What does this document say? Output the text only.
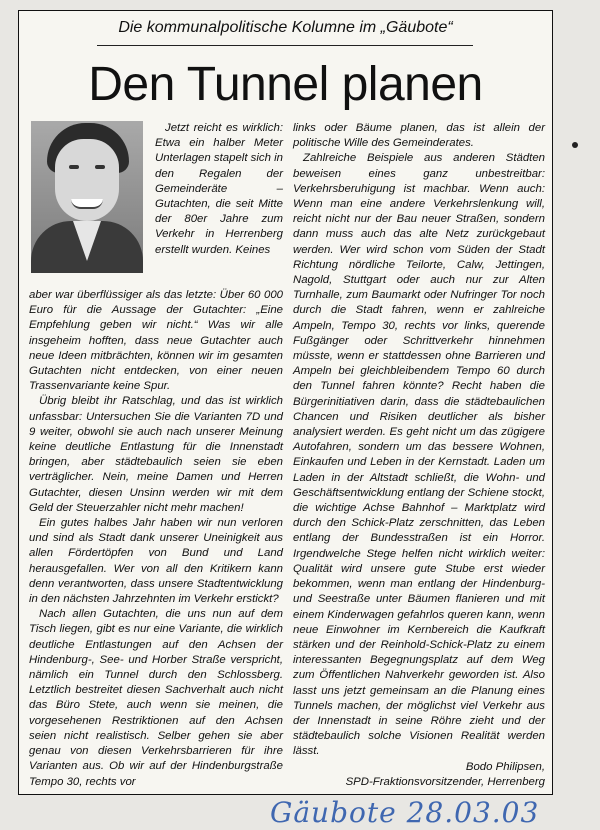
Die kommunalpolitische Kolumne im „Gäubote“
Den Tunnel planen

Jetzt reicht es wirklich: Etwa ein halber Meter Unterlagen stapelt sich in den Regalen der Gemeinderäte – Gutachten, die seit Mitte der 80er Jahre zum Verkehr in Herrenberg erstellt wurden. Keines

aber war überflüssiger als das letzte: Über 60 000 Euro für die Aussage der Gutachter: „Eine Empfehlung geben wir nicht.“ Was wir alle insgeheim hofften, dass neue Gutachter auch neue Ideen mitbrächten, können wir im gesamten Gutachten nicht entdecken, von einer neuen Trassenvariante keine Spur.

Übrig bleibt ihr Ratschlag, und das ist wirklich unfassbar: Untersuchen Sie die Varianten 7D und 9 weiter, obwohl sie auch nach unserer Meinung keine deutliche Entlastung für die Innenstadt bringen, aber städtebaulich seien sie eben verträglicher. Nein, meine Damen und Herren Gutachter, diesen Unsinn werden wir mit dem Geld der Steuerzahler nicht mehr machen!

Ein gutes halbes Jahr haben wir nun verloren und sind als Stadt dank unserer Uneinigkeit aus allen Fördertöpfen von Bund und Land herausgefallen. Wer von all den Kritikern kann denn verantworten, dass unsere Stadtentwicklung in den nächsten Jahrzehnten im Verkehr erstickt?

Nach allen Gutachten, die uns nun auf dem Tisch liegen, gibt es nur eine Variante, die wirklich deutliche Entlastungen auf den Achsen der Hindenburg-, See- und Horber Straße verspricht, nämlich ein Tunnel durch den Schlossberg. Letztlich bestreitet diesen Sachverhalt auch nicht das Büro Stete, auch wenn sie meinen, die vorgesehenen Restriktionen auf den Achsen seien nicht realistisch. Selber gehen sie aber genau von diesen Verkehrsbarrieren für ihre Varianten aus. Ob wir auf der Hindenburgstraße Tempo 30, rechts vor

links oder Bäume planen, das ist allein der politische Wille des Gemeinderates.

Zahlreiche Beispiele aus anderen Städten beweisen eines ganz unbestreitbar: Verkehrsberuhigung ist machbar. Wenn auch: Wenn man eine andere Verkehrslenkung will, reicht nicht nur der Bau neuer Straßen, sondern dann muss auch das alte Netz zurückgebaut werden. Wer wird schon vom Süden der Stadt Richtung nördliche Teilorte, Calw, Jettingen, Nagold, Stuttgart oder auch nur zur Alten Turnhalle, zum Baumarkt oder Nufringer Tor noch durch die Stadt fahren, wenn er zahlreiche Ampeln, Tempo 30, rechts vor links, querende Fußgänger oder Schrittverkehr hinnehmen müsste, wenn er stattdessen ohne Barrieren und Ampeln bei gleichbleibendem Tempo 60 durch den Tunnel fahren könnte? Recht haben die Bürgerinitiativen darin, dass die städtebaulichen Chancen und Risiken deutlicher als bisher analysiert werden. Es geht nicht um das zügigere Autofahren, sondern um das bessere Wohnen, Einkaufen und Leben in der Kernstadt. Laden um Laden in der Altstadt schließt, die Wohn- und Geschäftsentwicklung entlang der Schiene stockt, die wichtige Achse Bahnhof – Marktplatz wird durch den Schick-Platz zerschnitten, das Leben entlang der Bundesstraßen ist ein Horror. Irgendwelche Stege helfen nicht wirklich weiter: Qualität wird unsere gute Stube erst wieder bekommen, wenn man entlang der Hindenburg- und Seestraße unter Bäumen flanieren und mit einem Kinderwagen gefahrlos queren kann, wenn neue Einwohner im Kernbereich die Kaufkraft stärken und der Reinhold-Schick-Platz zu einem interessanten Begegnungsplatz auf dem Weg zum Öffentlichen Nahverkehr geworden ist. Also lasst uns jetzt gemeinsam an die Planung eines Tunnels machen, der möglichst viel Verkehr aus der Innenstadt in seine Röhre zieht und der städtebaulich solche Visionen Realität werden lässt.

Bodo Philipsen,

SPD-Fraktionsvorsitzender, Herrenberg

Gäubote 28.03.03
